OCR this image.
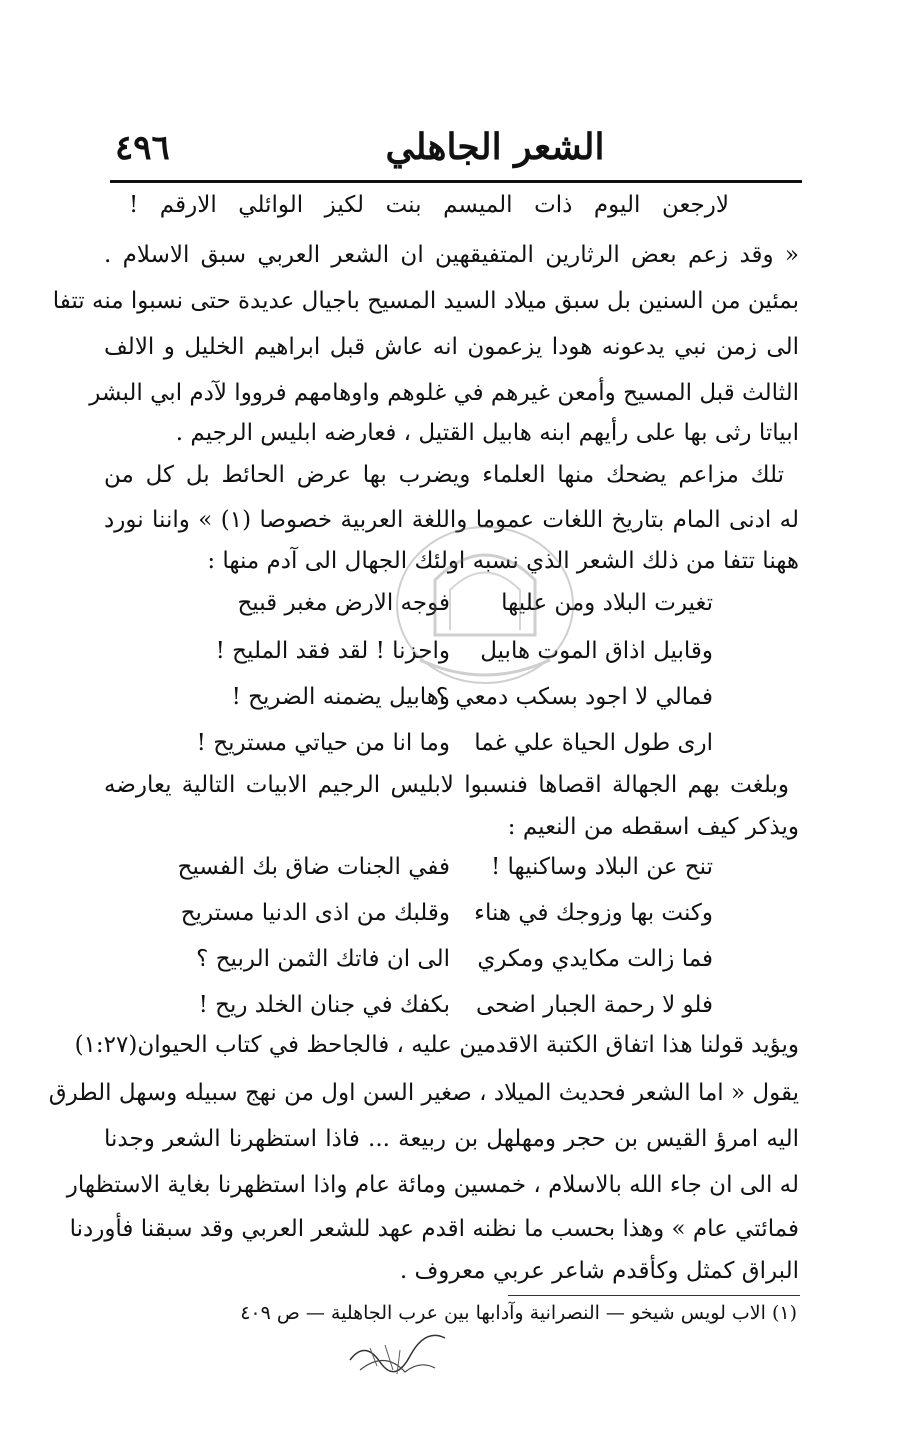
٤٩٦	الشعر الجاهلي
لارجعن اليوم ذات الميسم بنت لكيز الوائلي الارقم !
« وقد زعم بعض الرثارين المتفيقهين ان الشعر العربي سبق الاسلام .
بمئين من السنين بل سبق ميلاد السيد المسيح باجيال عديدة حتى نسبوا منه تتفا
الى زمن نبي يدعونه هودا يزعمون انه عاش قبل ابراهيم الخليل و الالف
الثالث قبل المسيح وأمعن غيرهم في غلوهم واوهامهم فرووا لآدم ابي البشر
ابياتا رثى بها على رأيهم ابنه هابيل القتيل ، فعارضه ابليس الرجيم .
تلك مزاعم يضحك منها العلماء ويضرب بها عرض الحائط بل كل من
له ادنى المام بتاريخ اللغات عموما واللغة العربية خصوصا (١) » واننا نورد
ههنا تتفا من ذلك الشعر الذي نسبه اولئك الجهال الى آدم منها :
تغيرت البلاد ومن عليها
فوجه الارض مغبر قبيح
وقابيل اذاق الموت هابيل
واحزنا ! لقد فقد المليح !
فمالي لا اجود بسكب دمعي ؟
وهابيل يضمنه الضريح !
ارى طول الحياة علي غما
وما انا من حياتي مستريح !
وبلغت بهم الجهالة اقصاها فنسبوا لابليس الرجيم الابيات التالية يعارضه
ويذكر كيف اسقطه من النعيم :
تنح عن البلاد وساكنيها !
ففي الجنات ضاق بك الفسيح
وكنت بها وزوجك في هناء
وقلبك من اذى الدنيا مستريح
فما زالت مكايدي ومكري
الى ان فاتك الثمن الربيح ؟
فلو لا رحمة الجبار اضحى
بكفك في جنان الخلد ريح !
ويؤيد قولنا هذا اتفاق الكتبة الاقدمين عليه ، فالجاحظ في كتاب الحيوان(١:٢٧)
يقول « اما الشعر فحديث الميلاد ، صغير السن اول من نهج سبيله وسهل الطرق
اليه امرؤ القيس بن حجر ومهلهل بن ربيعة ... فاذا استظهرنا الشعر وجدنا
له الى ان جاء الله بالاسلام ، خمسين ومائة عام واذا استظهرنا بغاية الاستظهار
فمائتي عام » وهذا بحسب ما نظنه اقدم عهد للشعر العربي وقد سبقنا فأوردنا
البراق كمثل وكأقدم شاعر عربي معروف .
(١) الاب لويس شيخو — النصرانية وآدابها بين عرب الجاهلية — ص ٤٠٩
